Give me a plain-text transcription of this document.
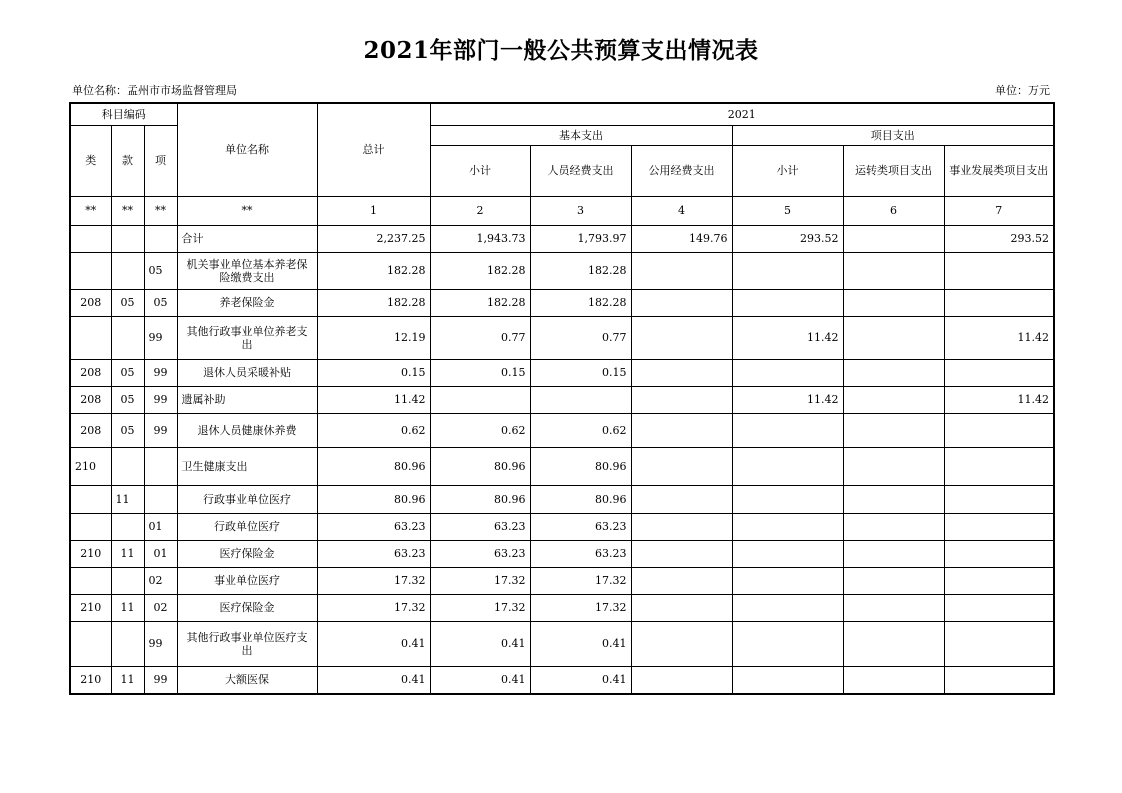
2021年部门一般公共预算支出情况表
单位名称：孟州市市场监督管理局	单位：万元
科目编码			单位名称	总计	2021					
类	款	项			基本支出			项目支出		
					小计	人员经费支出	公用经费支出	小计	运转类项目支出	事业发展类项目支出
**	**	**	**	1	2	3	4	5	6	7
			合计	2,237.25	1,943.73	1,793.97	149.76	293.52		293.52
		05	机关事业单位基本养老保险缴费支出	182.28	182.28	182.28				
208	05	05	养老保险金	182.28	182.28	182.28				
		99	其他行政事业单位养老支出	12.19	0.77	0.77		11.42		11.42
208	05	99	退休人员采暖补贴	0.15	0.15	0.15				
208	05	99	遗属补助	11.42				11.42		11.42
208	05	99	退休人员健康休养费	0.62	0.62	0.62				
210			卫生健康支出	80.96	80.96	80.96				
	11		行政事业单位医疗	80.96	80.96	80.96				
		01	行政单位医疗	63.23	63.23	63.23				
210	11	01	医疗保险金	63.23	63.23	63.23				
		02	事业单位医疗	17.32	17.32	17.32				
210	11	02	医疗保险金	17.32	17.32	17.32				
		99	其他行政事业单位医疗支出	0.41	0.41	0.41				
210	11	99	大额医保	0.41	0.41	0.41				
